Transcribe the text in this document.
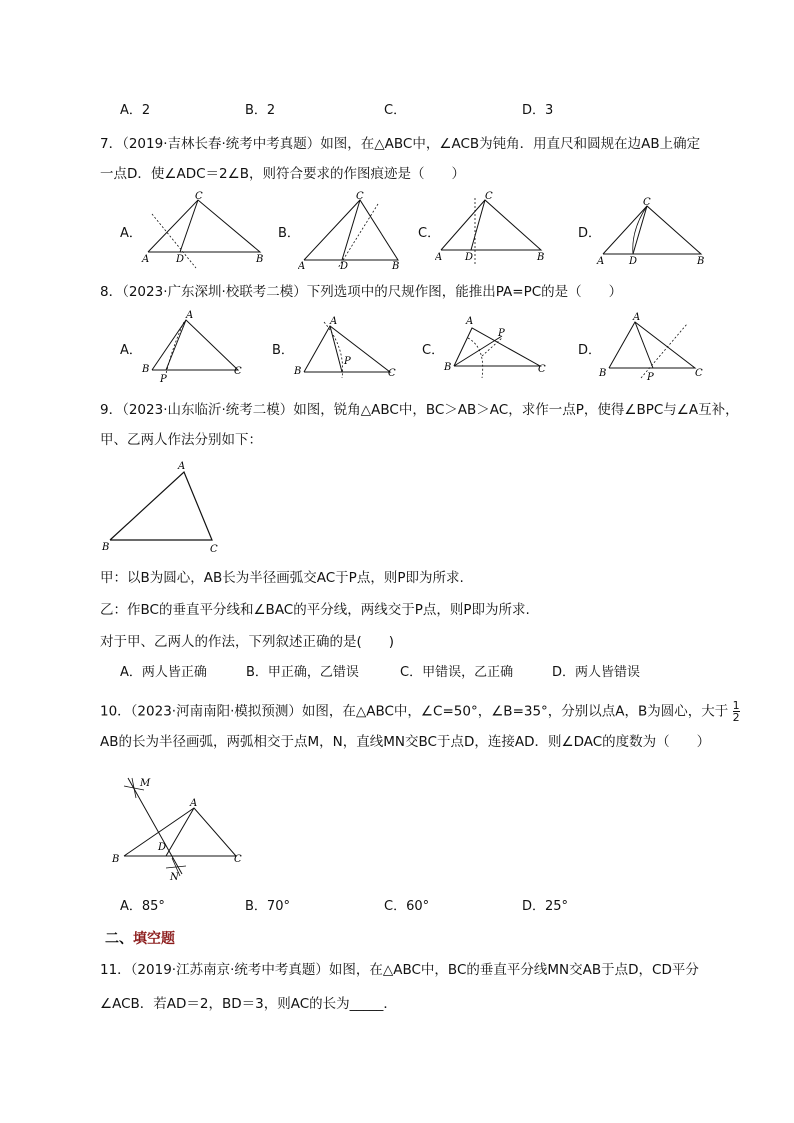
A．2	B．2	C．	D．3
7．（2019·吉林长春·统考中考真题）如图，在△ABC中，∠ACB为钝角．用直尺和圆规在边AB上确定
一点D．使∠ADC＝2∠B，则符合要求的作图痕迹是（　　）
A．	B．	C．	D．
C
A	D	B
C
A	D	B
C
A D	B
C
A D	B
8．（2023·广东深圳·校联考二模）下列选项中的尺规作图，能推出PA=PC的是（　　）
A．	B．	C．	D．
A
B
P
C
A
B
P
C
A
B
P
C
A
B	P	C
9．（2023·山东临沂·统考二模）如图，锐角△ABC中，BC＞AB＞AC，求作一点P，使得∠BPC与∠A互补，
甲、乙两人作法分别如下：
A
B	C
甲：以B为圆心，AB长为半径画弧交AC于P点，则P即为所求.
乙：作BC的垂直平分线和∠BAC的平分线，两线交于P点，则P即为所求.
对于甲、乙两人的作法，下列叙述正确的是(　　)
A．两人皆正确	B．甲正确，乙错误	C．甲错误，乙正确	D．两人皆错误
10．（2023·河南南阳·模拟预测）如图，在△ABC中，∠C=50°，∠B=35°，分别以点A，B为圆心，大于 $\frac{1}{2}$
AB的长为半径画弧，两弧相交于点M，N，直线MN交BC于点D，连接AD．则∠DAC的度数为（　　）
M
A
B
D
C
N
A．85°	B．70°	C．60°	D．25°
二、填空题
11．（2019·江苏南京·统考中考真题）如图，在△ABC中，BC的垂直平分线MN交AB于点D，CD平分
∠ACB．若AD＝2，BD＝3，则AC的长为_____．
